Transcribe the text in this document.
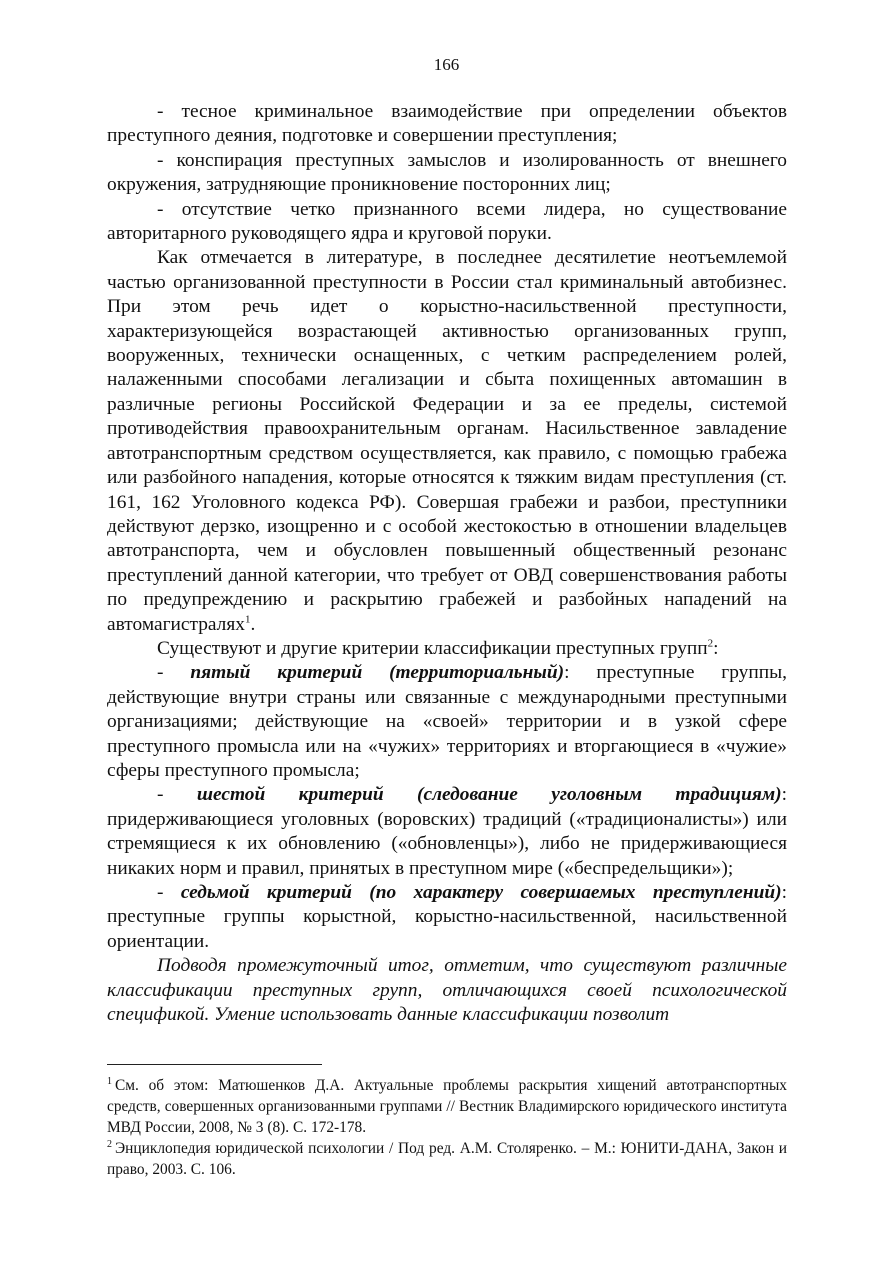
166

- тесное криминальное взаимодействие при определении объектов преступного деяния, подготовке и совершении преступления;

- конспирация преступных замыслов и изолированность от внешнего окружения, затрудняющие проникновение посторонних лиц;

- отсутствие четко признанного всеми лидера, но существование авторитарного руководящего ядра и круговой поруки.

Как отмечается в литературе, в последнее десятилетие неотъемлемой частью организованной преступности в России стал криминальный автобизнес. При этом речь идет о корыстно-насильственной преступности, характеризующейся возрастающей активностью организованных групп, вооруженных, технически оснащенных, с четким распределением ролей, налаженными способами легализации и сбыта похищенных автомашин в различные регионы Российской Федерации и за ее пределы, системой противодействия правоохранительным органам. Насильственное завладение автотранспортным средством осуществляется, как правило, с помощью грабежа или разбойного нападения, которые относятся к тяжким видам преступления (ст. 161, 162 Уголовного кодекса РФ). Совершая грабежи и разбои, преступники действуют дерзко, изощренно и с особой жестокостью в отношении владельцев автотранспорта, чем и обусловлен повышенный общественный резонанс преступлений данной категории, что требует от ОВД совершенствования работы по предупреждению и раскрытию грабежей и разбойных нападений на автомагистралях$^1$.

Существуют и другие критерии классификации преступных групп$^2$:

- пятый критерий (территориальный): преступные группы, действующие внутри страны или связанные с международными преступными организациями; действующие на «своей» территории и в узкой сфере преступного промысла или на «чужих» территориях и вторгающиеся в «чужие» сферы преступного промысла;

- шестой критерий (следование уголовным традициям): придерживающиеся уголовных (воровских) традиций («традиционалисты») или стремящиеся к их обновлению («обновленцы»), либо не придерживающиеся никаких норм и правил, принятых в преступном мире («беспредельщики»);

- седьмой критерий (по характеру совершаемых преступлений): преступные группы корыстной, корыстно-насильственной, насильственной ориентации.

Подводя промежуточный итог, отметим, что существуют различные классификации преступных групп, отличающихся своей психологической спецификой. Умение использовать данные классификации позволит

$^1$ См. об этом: Матюшенков Д.А. Актуальные проблемы раскрытия хищений автотранспортных средств, совершенных организованными группами // Вестник Владимирского юридического института МВД России, 2008, № 3 (8). С. 172-178.

$^2$ Энциклопедия юридической психологии / Под ред. А.М. Столяренко. – М.: ЮНИТИ-ДАНА, Закон и право, 2003. С. 106.
